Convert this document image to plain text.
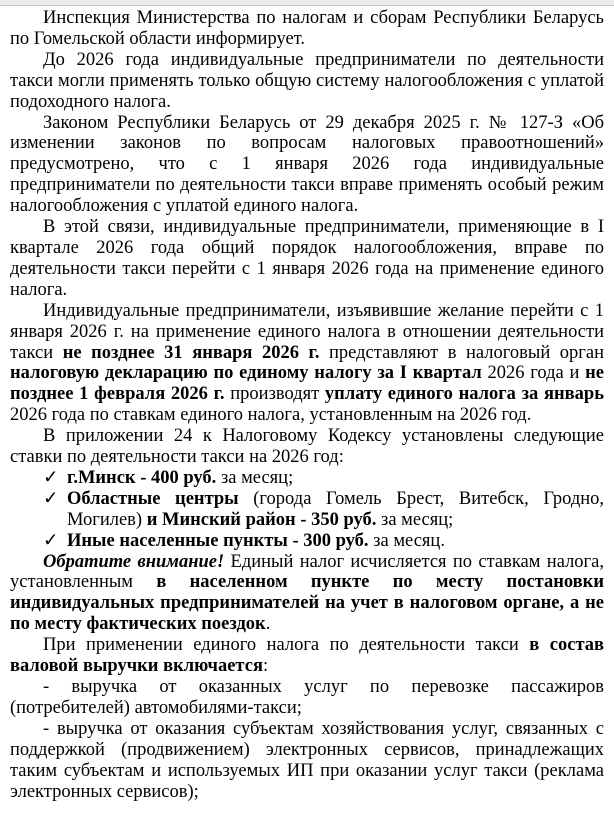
Инспекция Министерства по налогам и сборам Республики Беларусь по Гомельской области информирует.

До 2026 года индивидуальные предприниматели по деятельности такси могли применять только общую систему налогообложения с уплатой подоходного налога.

Законом Республики Беларусь от 29 декабря 2025 г. № 127-З «Об изменении законов по вопросам налоговых правоотношений» предусмотрено, что с 1 января 2026 года индивидуальные предприниматели по деятельности такси вправе применять особый режим налогообложения с уплатой единого налога.

В этой связи, индивидуальные предприниматели, применяющие в I квартале 2026 года общий порядок налогообложения, вправе по деятельности такси перейти с 1 января 2026 года на применение единого налога.

Индивидуальные предприниматели, изъявившие желание перейти с 1 января 2026 г. на применение единого налога в отношении деятельности такси не позднее 31 января 2026 г. представляют в налоговый орган налоговую декларацию по единому налогу за I квартал 2026 года и не позднее 1 февраля 2026 г. производят уплату единого налога за январь 2026 года по ставкам единого налога, установленным на 2026 год.

В приложении 24 к Налоговому Кодексу установлены следующие ставки по деятельности такси на 2026 год:

✓ г.Минск - 400 руб. за месяц;
✓ Областные центры (города Гомель Брест, Витебск, Гродно, Могилев) и Минский район - 350 руб. за месяц;
✓ Иные населенные пункты - 300 руб. за месяц.

Обратите внимание! Единый налог исчисляется по ставкам налога, установленным в населенном пункте по месту постановки индивидуальных предпринимателей на учет в налоговом органе, а не по месту фактических поездок.

При применении единого налога по деятельности такси в состав валовой выручки включается:

- выручка от оказанных услуг по перевозке пассажиров (потребителей) автомобилями-такси;

- выручка от оказания субъектам хозяйствования услуг, связанных с поддержкой (продвижением) электронных сервисов, принадлежащих таким субъектам и используемых ИП при оказании услуг такси (реклама электронных сервисов);
